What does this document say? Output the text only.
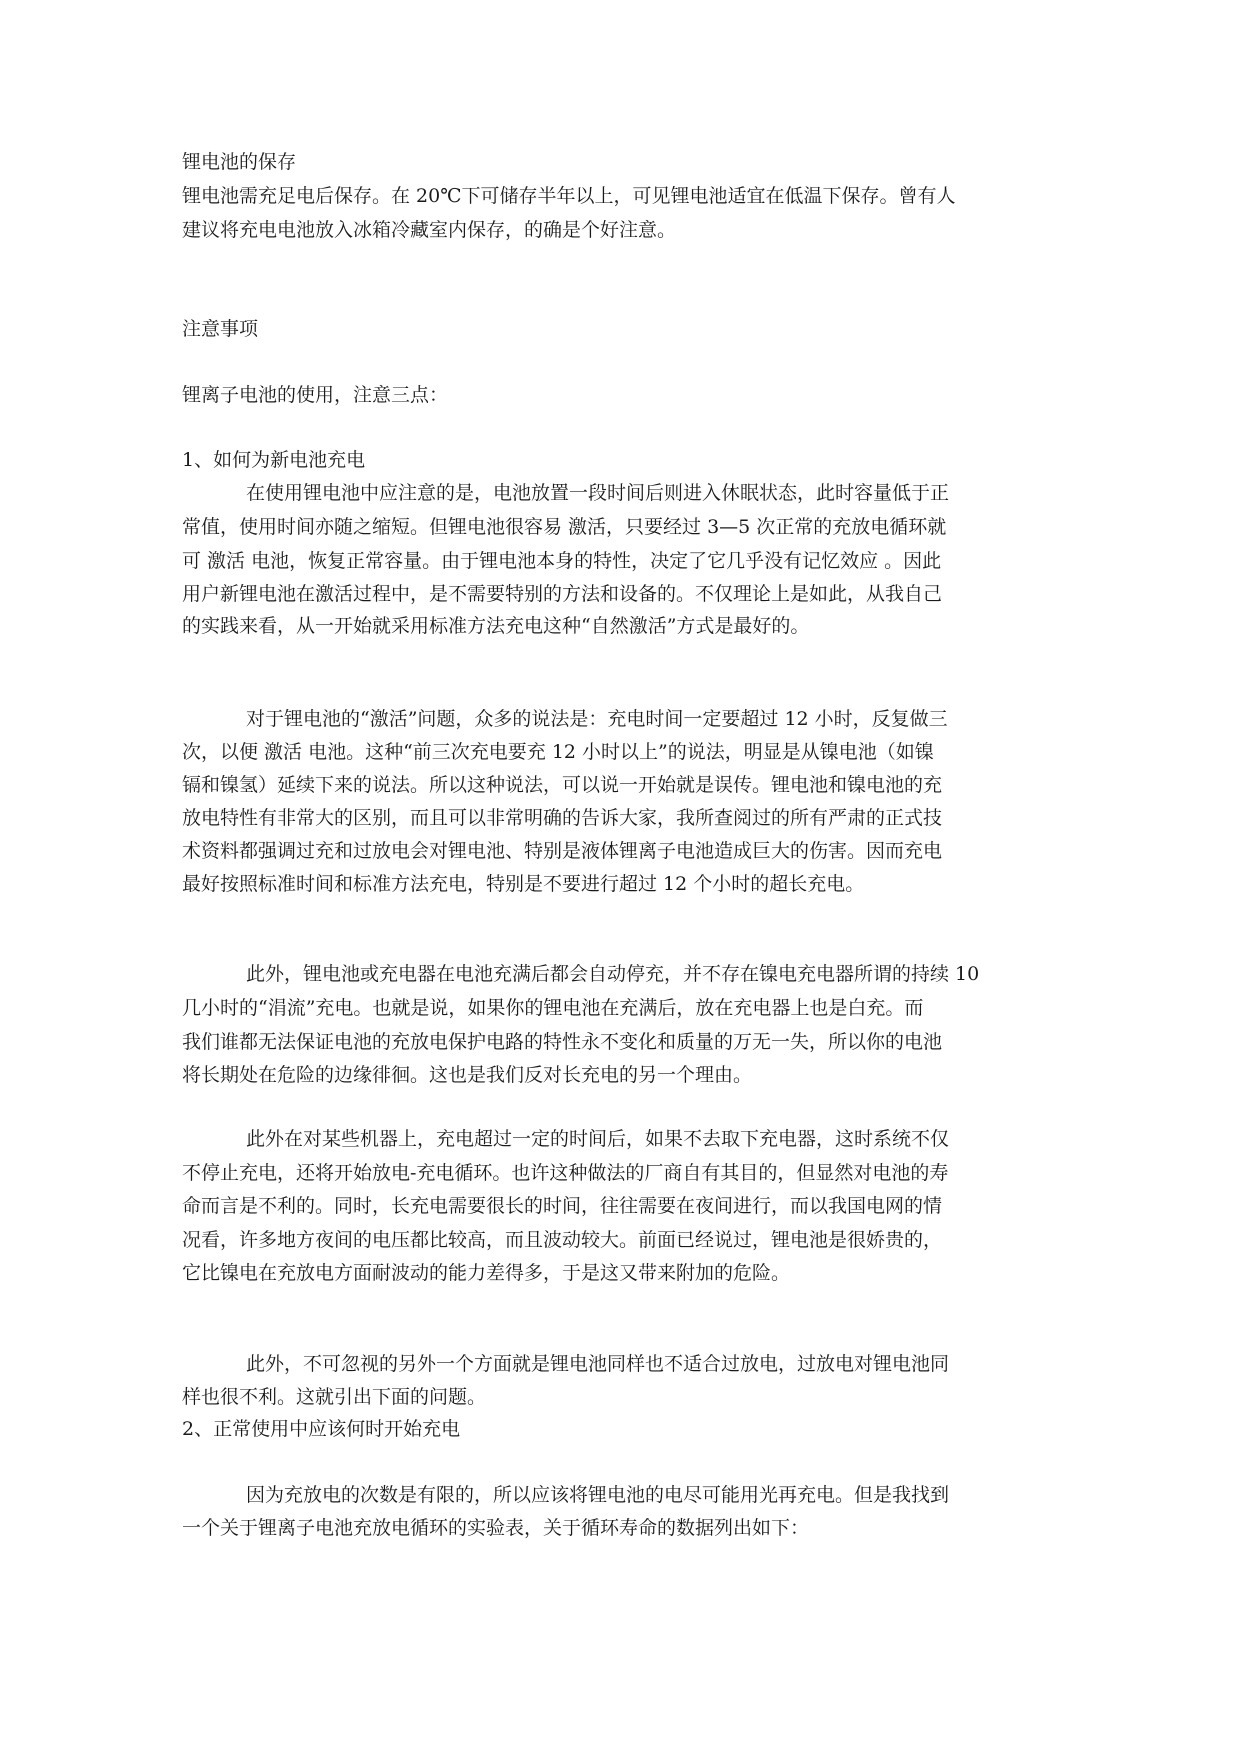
锂电池的保存

锂电池需充足电后保存。在 20℃下可储存半年以上，可见锂电池适宜在低温下保存。曾有人

建议将充电电池放入冰箱冷藏室内保存，的确是个好注意。

注意事项

锂离子电池的使用，注意三点：

1、如何为新电池充电

在使用锂电池中应注意的是，电池放置一段时间后则进入休眠状态，此时容量低于正

常值，使用时间亦随之缩短。但锂电池很容易 激活，只要经过 3—5 次正常的充放电循环就

可 激活 电池，恢复正常容量。由于锂电池本身的特性，决定了它几乎没有记忆效应 。因此

用户新锂电池在激活过程中，是不需要特别的方法和设备的。不仅理论上是如此，从我自己

的实践来看，从一开始就采用标准方法充电这种“自然激活”方式是最好的。

对于锂电池的“激活”问题，众多的说法是：充电时间一定要超过 12 小时，反复做三

次，以便 激活 电池。这种“前三次充电要充 12 小时以上”的说法，明显是从镍电池（如镍

镉和镍氢）延续下来的说法。所以这种说法，可以说一开始就是误传。锂电池和镍电池的充

放电特性有非常大的区别，而且可以非常明确的告诉大家，我所查阅过的所有严肃的正式技

术资料都强调过充和过放电会对锂电池、特别是液体锂离子电池造成巨大的伤害。因而充电

最好按照标准时间和标准方法充电，特别是不要进行超过 12 个小时的超长充电。

此外，锂电池或充电器在电池充满后都会自动停充，并不存在镍电充电器所谓的持续 10

几小时的“涓流”充电。也就是说，如果你的锂电池在充满后，放在充电器上也是白充。而

我们谁都无法保证电池的充放电保护电路的特性永不变化和质量的万无一失，所以你的电池

将长期处在危险的边缘徘徊。这也是我们反对长充电的另一个理由。

此外在对某些机器上，充电超过一定的时间后，如果不去取下充电器，这时系统不仅

不停止充电，还将开始放电-充电循环。也许这种做法的厂商自有其目的，但显然对电池的寿

命而言是不利的。同时，长充电需要很长的时间，往往需要在夜间进行，而以我国电网的情

况看，许多地方夜间的电压都比较高，而且波动较大。前面已经说过，锂电池是很娇贵的，

它比镍电在充放电方面耐波动的能力差得多，于是这又带来附加的危险。

此外，不可忽视的另外一个方面就是锂电池同样也不适合过放电，过放电对锂电池同

样也很不利。这就引出下面的问题。

2、正常使用中应该何时开始充电

因为充放电的次数是有限的，所以应该将锂电池的电尽可能用光再充电。但是我找到

一个关于锂离子电池充放电循环的实验表，关于循环寿命的数据列出如下：
